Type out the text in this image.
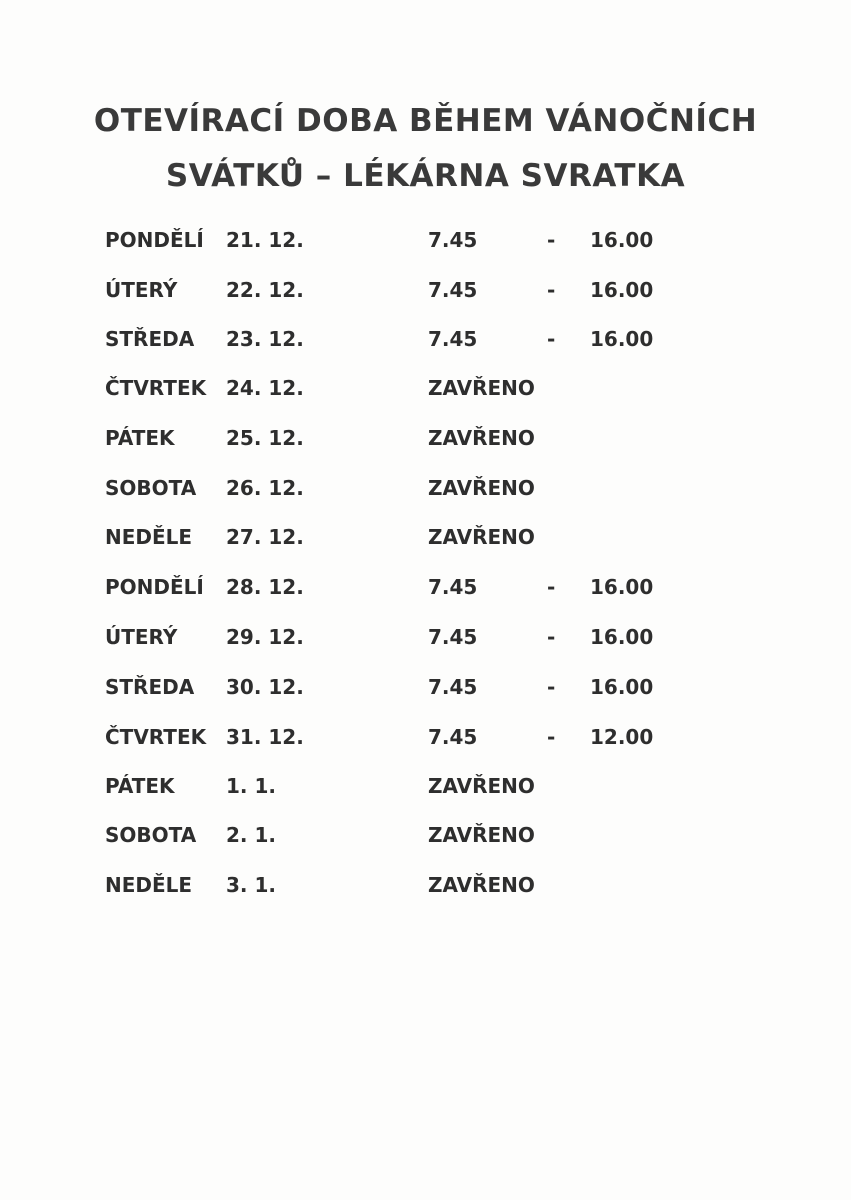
OTEVÍRACÍ DOBA BĚHEM VÁNOČNÍCH
SVÁTKŮ – LÉKÁRNA SVRATKA
PONDĚLÍ 21. 12.	7.45	- 16.00
ÚTERÝ 22. 12.	7.45	- 16.00
STŘEDA 23. 12.	7.45	- 16.00
ČTVRTEK 24. 12.	ZAVŘENO
PÁTEK	25. 12.	ZAVŘENO
SOBOTA 26. 12.	ZAVŘENO
NEDĚLE 27. 12.	ZAVŘENO
PONDĚLÍ 28. 12.	7.45	- 16.00
ÚTERÝ 29. 12.	7.45	- 16.00
STŘEDA 30. 12.	7.45	- 16.00
ČTVRTEK 31. 12.	7.45	- 12.00
PÁTEK	1. 1.	ZAVŘENO
SOBOTA 2. 1.	ZAVŘENO
NEDĚLE 3. 1.	ZAVŘENO
